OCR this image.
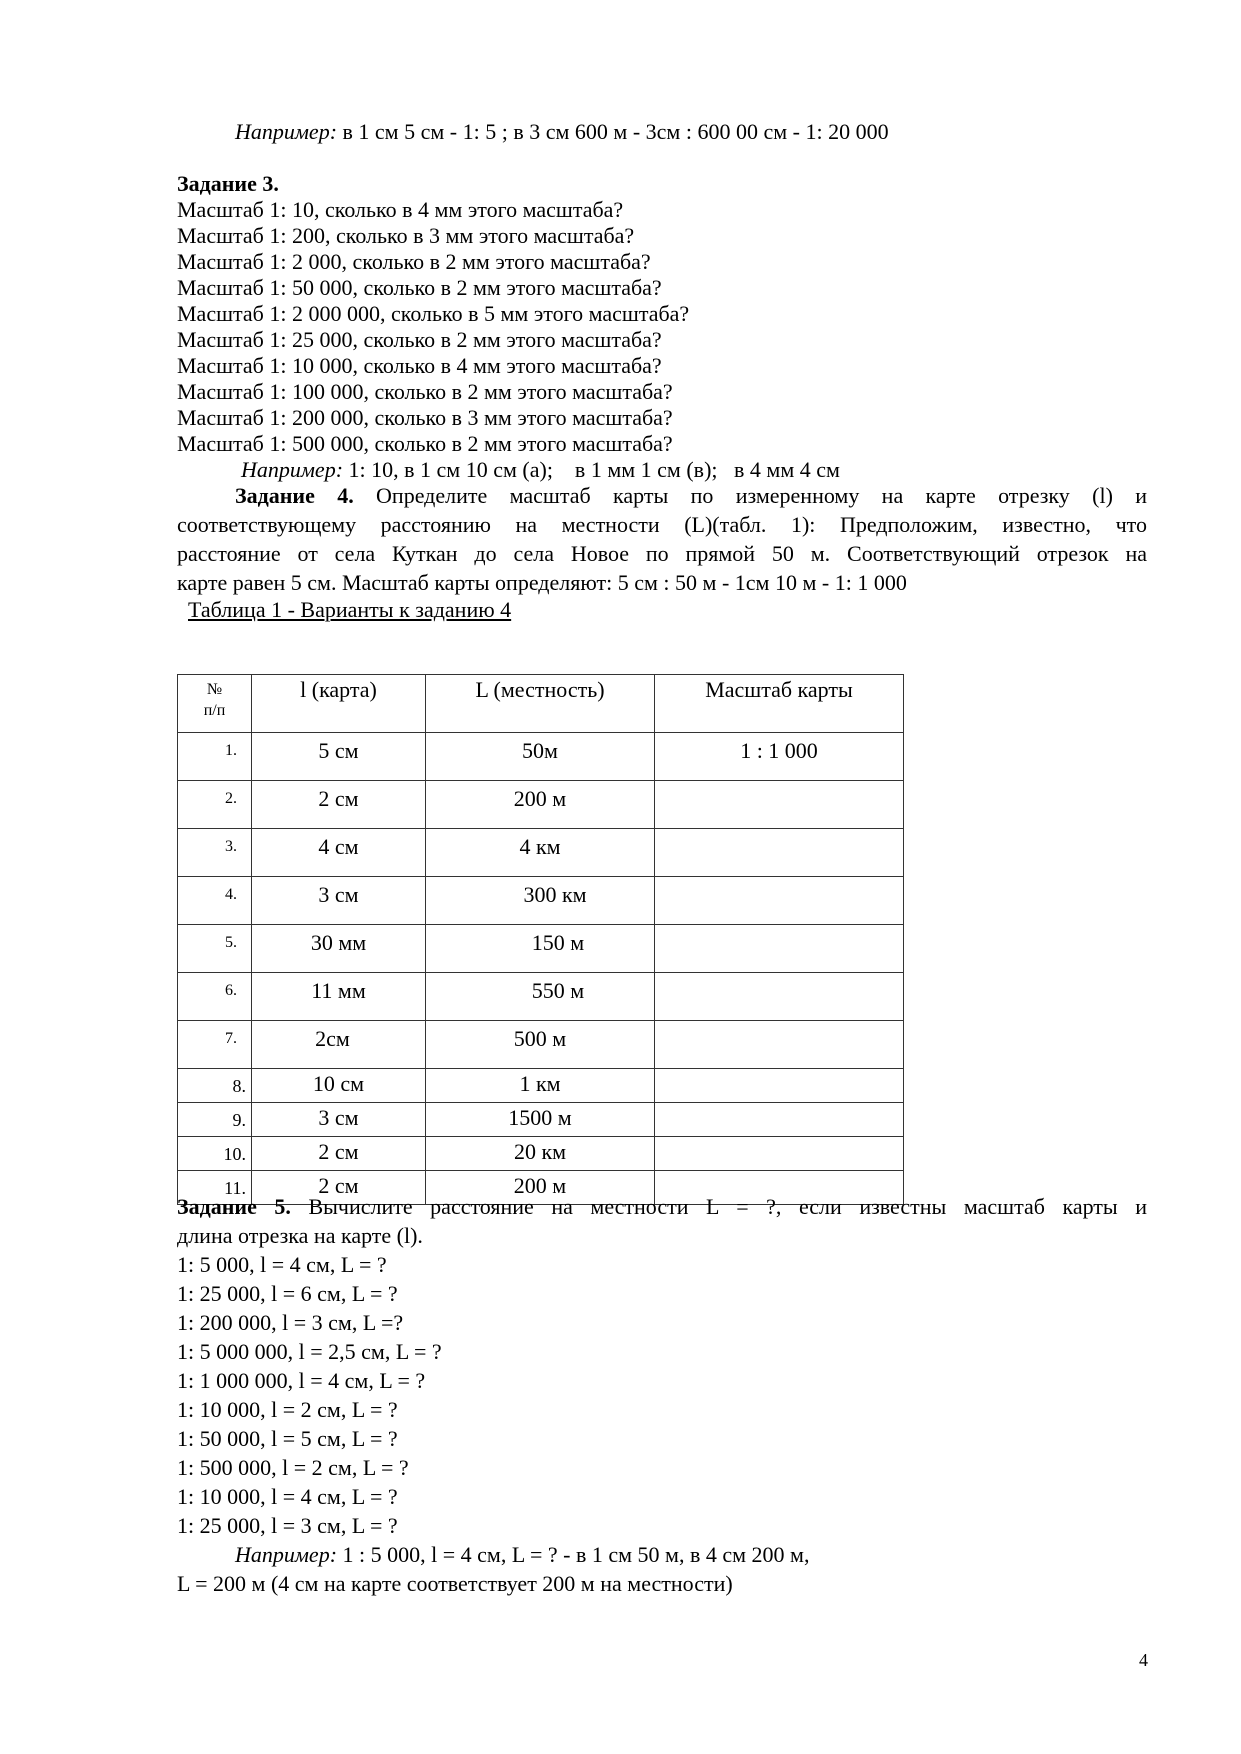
Например: в 1 см 5 см - 1: 5 ; в 3 см 600 м - 3см : 600 00 см - 1: 20 000
Задание 3.
Масштаб 1: 10, сколько в 4 мм этого масштаба?
Масштаб 1: 200, сколько в 3 мм этого масштаба?
Масштаб 1: 2 000, сколько в 2 мм этого масштаба?
Масштаб 1: 50 000, сколько в 2 мм этого масштаба?
Масштаб 1: 2 000 000, сколько в 5 мм этого масштаба?
Масштаб 1: 25 000, сколько в 2 мм этого масштаба?
Масштаб 1: 10 000, сколько в 4 мм этого масштаба?
Масштаб 1: 100 000, сколько в 2 мм этого масштаба?
Масштаб 1: 200 000, сколько в 3 мм этого масштаба?
Масштаб 1: 500 000, сколько в 2 мм этого масштаба?
Например: 1: 10, в 1 см 10 см (а);    в 1 мм 1 см (в);   в 4 мм 4 см
Задание 4. Определите масштаб карты по измеренному на карте отрезку (l) и
соответствующему расстоянию на местности (L)(табл. 1): Предположим, известно, что
расстояние от села Куткан до села Новое по прямой 50 м. Соответствующий отрезок на
карте равен 5 см. Масштаб карты определяют: 5 см : 50 м - 1см 10 м - 1: 1 000
Таблица 1 - Варианты к заданию 4
№ п/п	l (карта)	L (местность)	Масштаб карты
1.	5 см	50м	1 : 1 000
2.	2 см	200 м	
3.	4 см	4 км	
4.	3 см	300 км	
5.	30 мм	150 м	
6.	11 мм	550 м	
7.	2см	500 м	
8.	10 см	1 км	
9.	3 см	1500 м	
10.	2 см	20 км	
11.	2 см	200 м	
Задание 5. Вычислите расстояние на местности L = ?, если известны масштаб карты и
длина отрезка на карте (l).
1: 5 000, l = 4 см, L = ?
1: 25 000, l = 6 см, L = ?
1: 200 000, l = 3 см, L =?
1: 5 000 000, l = 2,5 см, L = ?
1: 1 000 000, l = 4 см, L = ?
1: 10 000, l = 2 см, L = ?
1: 50 000, l = 5 см, L = ?
1: 500 000, l = 2 см, L = ?
1: 10 000, l = 4 см, L = ?
1: 25 000, l = 3 см, L = ?
Например: 1 : 5 000, l = 4 см, L = ? - в 1 см 50 м, в 4 см 200 м,
L = 200 м (4 см на карте соответствует 200 м на местности)
4
